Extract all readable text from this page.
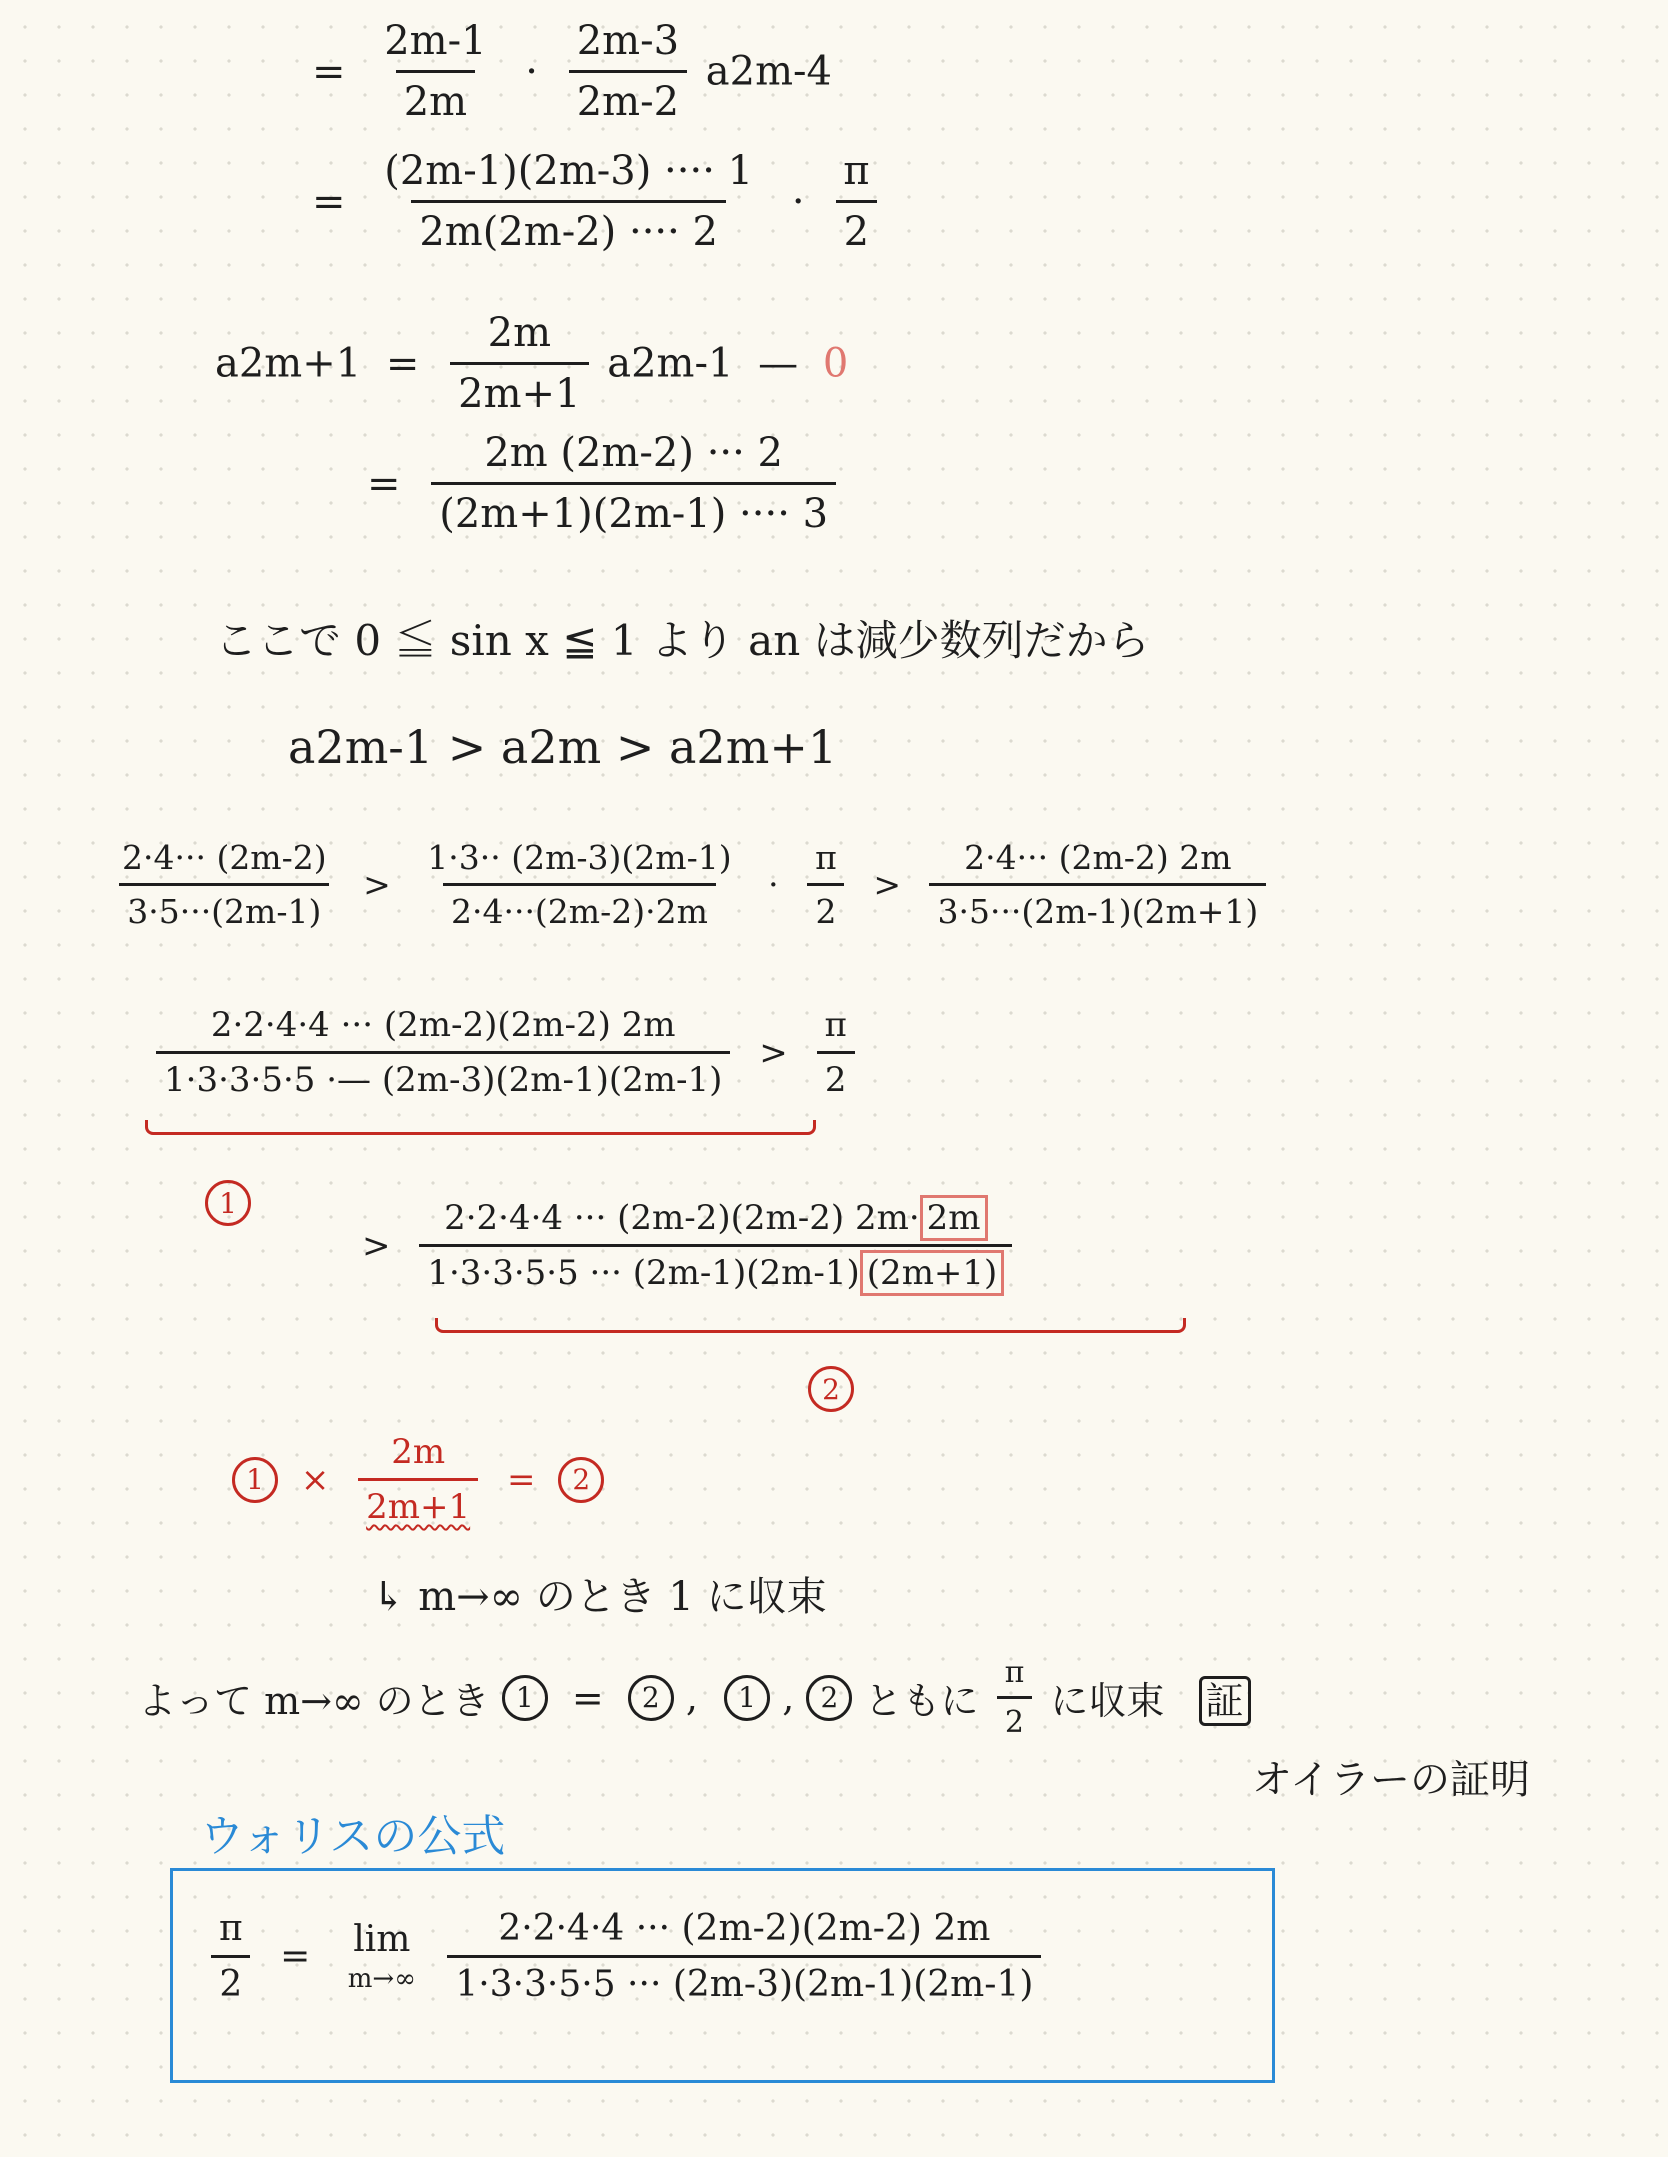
= $\frac{2m-1}{2m} \cdot \frac{2m-3}{2m-2} a2m-4$
= $\frac{(2m-1)(2m-3) \cdot\cdot\cdot\cdot 1}{2m(2m-2) \cdot\cdot\cdot\cdot 2} \cdot \frac{\pi}{2}$
$a2m+1 = \frac{2m}{2m+1} a2m-1$ — 0
= $\frac{2m (2m-2) \cdot\cdot\cdot 2}{(2m+1)(2m-1) \cdot\cdot\cdot\cdot 3}$
ここで 0 ≦ sin x ≦ 1 より an は減少数列だから
a2m-1 > a2m > a2m+1
$\frac{2\cdot 4\cdot\cdot\cdot (2m-2)}{3\cdot 5\cdot\cdot\cdot(2m-1)} > \frac{1\cdot 3\cdot\cdot (2m-3)(2m-1)}{2\cdot 4\cdot\cdot\cdot(2m-2)\cdot 2m} \cdot \frac{\pi}{2} > \frac{2\cdot 4\cdot\cdot\cdot (2m-2) 2m}{3\cdot 5\cdot\cdot\cdot(2m-1)(2m+1)}$
$\frac{2\cdot 2\cdot 4\cdot 4 \cdot\cdot\cdot (2m-2)(2m-2) 2m}{1\cdot 3\cdot 3\cdot 5\cdot 5 \cdot— (2m-3)(2m-1)(2m-1)} > \frac{\pi}{2}$
1
> $\frac{2\cdot 2\cdot 4\cdot 4 \cdot\cdot\cdot (2m-2)(2m-2) 2m\cdot 2m}{1\cdot 3\cdot 3\cdot 5\cdot 5 \cdot\cdot\cdot (2m-1)(2m-1) (2m+1)}$
2
$1 \times \frac{2m}{2m+1} = 2$
↳ m→∞ のとき 1 に収束
よって m→∞ のとき 1 = 2 , 1 , 2 ともに $\frac{\pi}{2}$ に収束 証
オイラーの証明
ウォリスの公式
$\frac{\pi}{2} = \lim$
m→∞
$\frac{2\cdot 2\cdot 4\cdot 4 \cdot\cdot\cdot (2m-2)(2m-2) 2m}{1\cdot 3\cdot 3\cdot 5\cdot 5 \cdot\cdot\cdot (2m-3)(2m-1)(2m-1)}$
